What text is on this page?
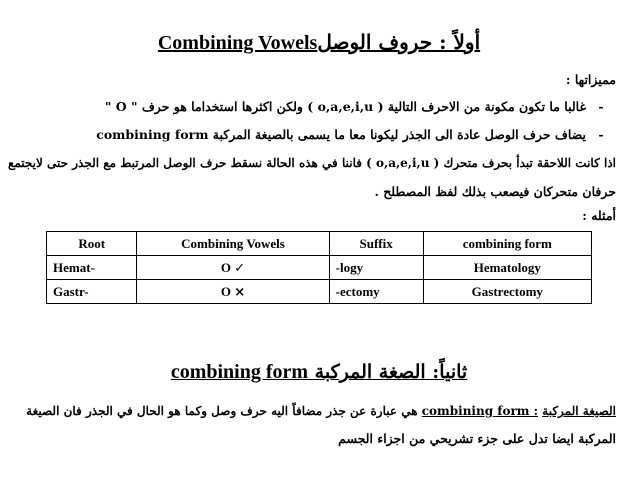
Combining Vowelsأولاً : حروف الوصل
مميزاتها :
-غالبا ما تكون مكونة من الاحرف التالية ( o,a,e,i,u ) ولكن اكثرها استخداما هو حرف " O "
-يضاف حرف الوصل عادة الى الجذر ليكونا معا ما يسمى بالصيغة المركبة combining form
اذا كانت اللاحقة تبدأ بحرف متحرك ( o,a,e,i,u ) فاننا في هذه الحالة نسقط حرف الوصل المرتبط مع الجذر حتى لايجتمع
حرفان متحركان فيصعب بذلك لفظ المصطلح .
أمثله :
Root	Combining Vowels	Suffix	combining form
Hemat-	O ✓	-logy	Hematology
Gastr-	O ×	-ectomy	Gastrectomy
combining form ثانياً: الصغة المركبة
الصيغة المركبة combining form : هي عبارة عن جذر مضافاً اليه حرف وصل وكما هو الحال في الجذر فان الصيغة
المركبة ايضا تدل على جزء تشريحي من اجزاء الجسم
